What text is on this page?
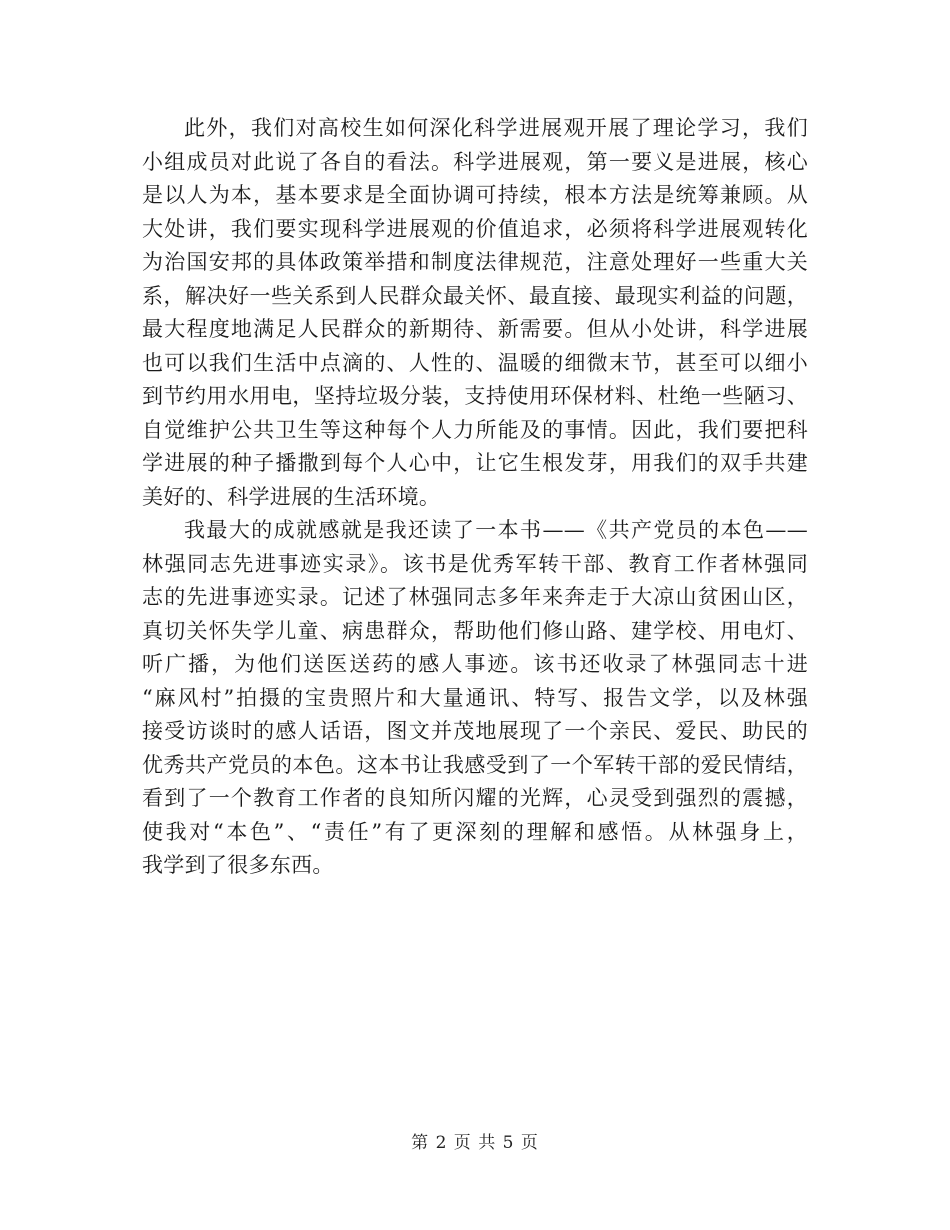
此外，我们对高校生如何深化科学进展观开展了理论学习，我们
小组成员对此说了各自的看法。科学进展观，第一要义是进展，核心
是以人为本，基本要求是全面协调可持续，根本方法是统筹兼顾。从
大处讲，我们要实现科学进展观的价值追求，必须将科学进展观转化
为治国安邦的具体政策举措和制度法律规范，注意处理好一些重大关
系，解决好一些关系到人民群众最关怀、最直接、最现实利益的问题，
最大程度地满足人民群众的新期待、新需要。但从小处讲，科学进展
也可以我们生活中点滴的、人性的、温暖的细微末节，甚至可以细小
到节约用水用电，坚持垃圾分装，支持使用环保材料、杜绝一些陋习、
自觉维护公共卫生等这种每个人力所能及的事情。因此，我们要把科
学进展的种子播撒到每个人心中，让它生根发芽，用我们的双手共建
美好的、科学进展的生活环境。
我最大的成就感就是我还读了一本书——《共产党员的本色——
林强同志先进事迹实录》。该书是优秀军转干部、教育工作者林强同
志的先进事迹实录。记述了林强同志多年来奔走于大凉山贫困山区，
真切关怀失学儿童、病患群众，帮助他们修山路、建学校、用电灯、
听广播，为他们送医送药的感人事迹。该书还收录了林强同志十进
“麻风村”拍摄的宝贵照片和大量通讯、特写、报告文学，以及林强
接受访谈时的感人话语，图文并茂地展现了一个亲民、爱民、助民的
优秀共产党员的本色。这本书让我感受到了一个军转干部的爱民情结，
看到了一个教育工作者的良知所闪耀的光辉，心灵受到强烈的震撼，
使我对“本色”、“责任”有了更深刻的理解和感悟。从林强身上，
我学到了很多东西。
第 2 页 共 5 页
